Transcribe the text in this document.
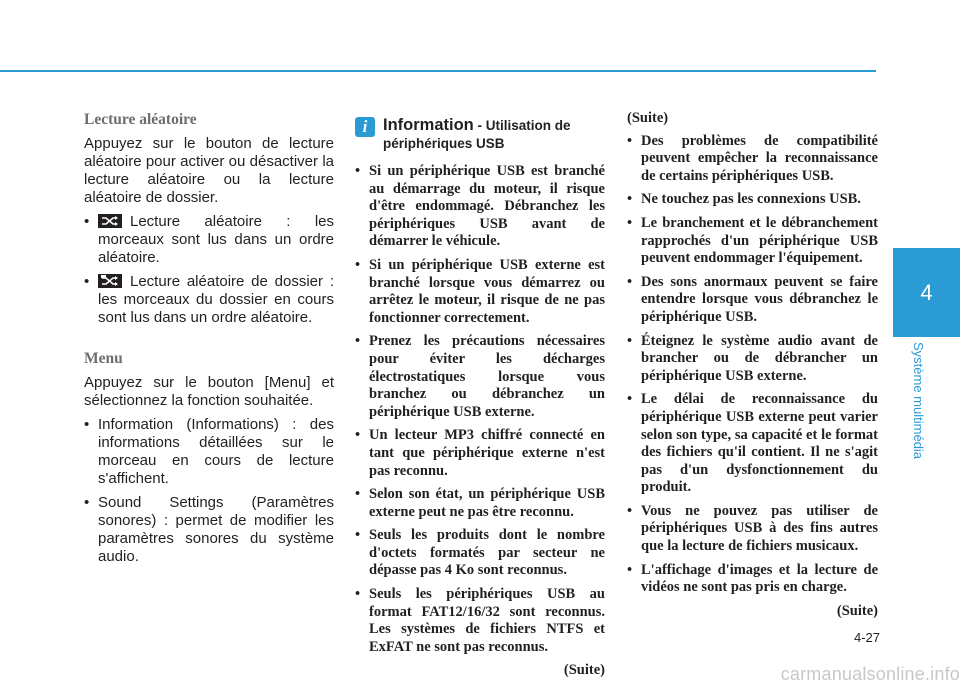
Lecture aléatoire

Appuyez sur le bouton de lecture aléatoire pour activer ou désactiver la lecture aléatoire ou la lecture aléatoire de dossier.

•	Lecture aléatoire : les morceaux sont lus dans un ordre aléatoire.
•	Lecture aléatoire de dossier : les morceaux du dossier en cours sont lus dans un ordre aléatoire.
Menu

Appuyez sur le bouton [Menu] et sélectionnez la fonction souhaitée.

• Information (Informations) : des informations détaillées sur le morceau en cours de lecture s'affichent.
• Sound Settings (Paramètres sonores) : permet de modifier les paramètres sonores du système audio.
i Information - Utilisation de périphériques USB
• Si un périphérique USB est branché au démarrage du moteur, il risque d'être endommagé. Débranchez les périphériques USB avant de démarrer le véhicule.
• Si un périphérique USB externe est branché lorsque vous démarrez ou arrêtez le moteur, il risque de ne pas fonctionner correctement.
• Prenez les précautions nécessaires pour éviter les décharges électrostatiques lorsque vous branchez ou débranchez un périphérique USB externe.
• Un lecteur MP3 chiffré connecté en tant que périphérique externe n'est pas reconnu.
• Selon son état, un périphérique USB externe peut ne pas être reconnu.
• Seuls les produits dont le nombre d'octets formatés par secteur ne dépasse pas 4 Ko sont reconnus.
• Seuls les périphériques USB au format FAT12/16/32 sont reconnus. Les systèmes de fichiers NTFS et ExFAT ne sont pas reconnus.

(Suite)

(Suite)

• Des problèmes de compatibilité peuvent empêcher la reconnaissance de certains périphériques USB.
• Ne touchez pas les connexions USB.
• Le branchement et le débranchement rapprochés d'un périphérique USB peuvent endommager l'équipement.
• Des sons anormaux peuvent se faire entendre lorsque vous débranchez le périphérique USB.
• Éteignez le système audio avant de brancher ou de débrancher un périphérique USB externe.
• Le délai de reconnaissance du périphérique USB externe peut varier selon son type, sa capacité et le format des fichiers qu'il contient. Il ne s'agit pas d'un dysfonctionnement du produit.
• Vous ne pouvez pas utiliser de périphériques USB à des fins autres que la lecture de fichiers musicaux.
• L'affichage d'images et la lecture de vidéos ne sont pas pris en charge.

(Suite)

4
Système multimédia
4-27
carmanualsonline.info
